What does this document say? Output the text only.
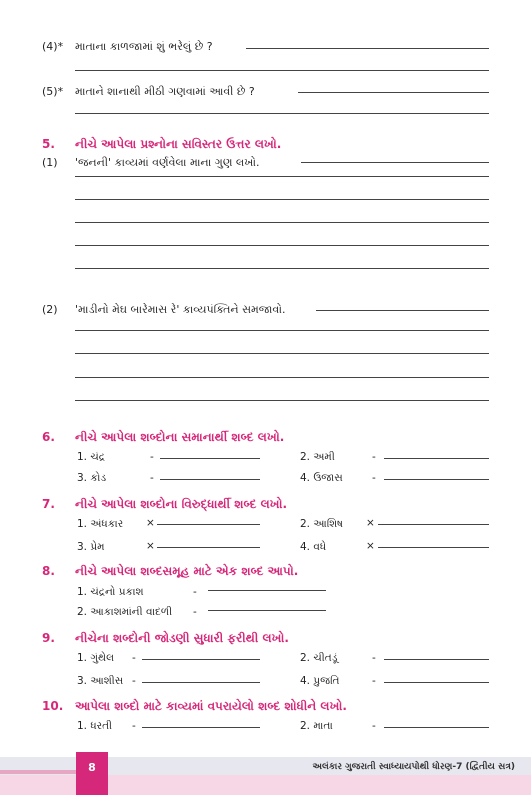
(4)* માતાના કાળજામાં શું ભરેલું છે ?
(5)* માતાને શાનાથી મીઠી ગણવામાં આવી છે ?
5. નીચે આપેલા પ્રશ્નોના સવિસ્તર ઉત્તર લખો.
(1) 'જનની' કાવ્યમાં વર્ણવેલા માના ગુણ લખો.
(2) 'માડીનો મેઘ બારેમાસ રે' કાવ્યપંક્તિને સમજાવો.
6. નીચે આપેલા શબ્દોના સમાનાર્થી શબ્દ લખો.
1. ચંદ્ર	-	2. અમી	-
3. કોડ	-	4. ઉજાસ	-
7. નીચે આપેલા શબ્દોના વિરુદ્ધાર્થી શબ્દ લખો.
1. અંધકાર ×	2. આશિષ ×
3. પ્રેમ	×	4. વધે	×
8. નીચે આપેલા શબ્દસમૂહ માટે એક શબ્દ આપો.
1. ચંદ્રનો પ્રકાશ	-
2. આકાશમાંની વાદળી -
9. નીચેના શબ્દોની જોડણી સુધારી ફરીથી લખો.
1. ગુંથેલ -	2. ચીતડૂં	-
3. આશીસ -	4. પ્રુજતિ	-
10. આપેલા શબ્દો માટે કાવ્યમાં વપરાયેલો શબ્દ શોધીને લખો.
1. ધરતી -	2. માતા	-
8	અલંકાર ગુજરાતી સ્વાધ્યાયપોથી ધોરણ-7 (દ્વિતીય સત્ર)
